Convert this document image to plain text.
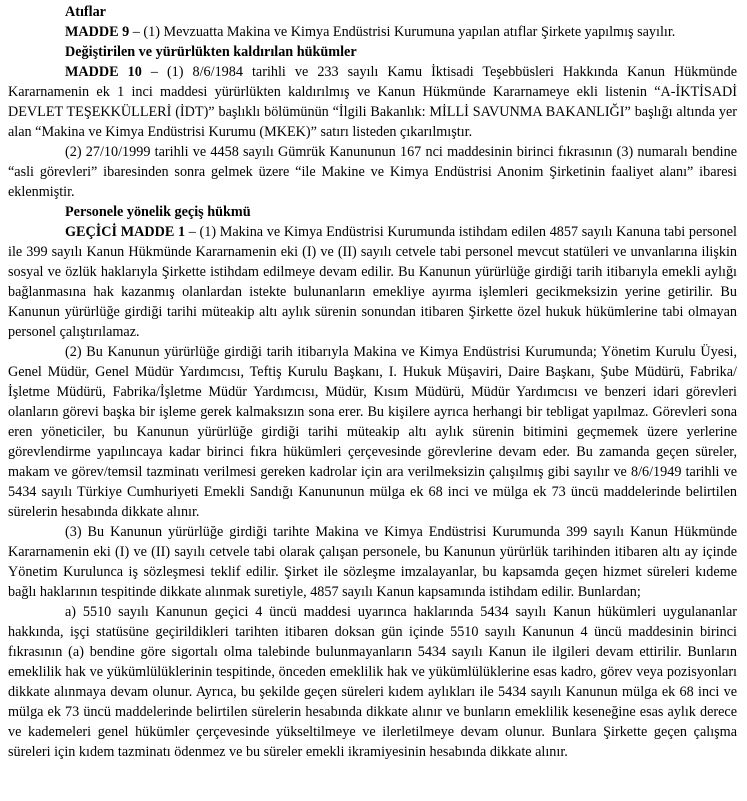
Atıflar

MADDE 9 – (1) Mevzuatta Makina ve Kimya Endüstrisi Kurumuna yapılan atıflar Şirkete yapılmış sayılır.

Değiştirilen ve yürürlükten kaldırılan hükümler

MADDE 10 – (1) 8/6/1984 tarihli ve 233 sayılı Kamu İktisadi Teşebbüsleri Hakkında Kanun Hükmünde Kararnamenin ek 1 inci maddesi yürürlükten kaldırılmış ve Kanun Hükmünde Kararnameye ekli listenin “A-İKTİSADİ DEVLET TEŞEKKÜLLERİ (İDT)” başlıklı bölümünün “İlgili Bakanlık: MİLLİ SAVUNMA BAKANLIĞI” başlığı altında yer alan “Makina ve Kimya Endüstrisi Kurumu (MKEK)” satırı listeden çıkarılmıştır.

(2) 27/10/1999 tarihli ve 4458 sayılı Gümrük Kanununun 167 nci maddesinin birinci fıkrasının (3) numaralı bendine “asli görevleri” ibaresinden sonra gelmek üzere “ile Makine ve Kimya Endüstrisi Anonim Şirketinin faaliyet alanı” ibaresi eklenmiştir.

Personele yönelik geçiş hükmü

GEÇİCİ MADDE 1 – (1) Makina ve Kimya Endüstrisi Kurumunda istihdam edilen 4857 sayılı Kanuna tabi personel ile 399 sayılı Kanun Hükmünde Kararnamenin eki (I) ve (II) sayılı cetvele tabi personel mevcut statüleri ve unvanlarına ilişkin sosyal ve özlük haklarıyla Şirkette istihdam edilmeye devam edilir. Bu Kanunun yürürlüğe girdiği tarih itibarıyla emekli aylığı bağlanmasına hak kazanmış olanlardan istekte bulunanların emekliye ayırma işlemleri gecikmeksizin yerine getirilir. Bu Kanunun yürürlüğe girdiği tarihi müteakip altı aylık sürenin sonundan itibaren Şirkette özel hukuk hükümlerine tabi olmayan personel çalıştırılamaz.

(2) Bu Kanunun yürürlüğe girdiği tarih itibarıyla Makina ve Kimya Endüstrisi Kurumunda; Yönetim Kurulu Üyesi, Genel Müdür, Genel Müdür Yardımcısı, Teftiş Kurulu Başkanı, I. Hukuk Müşaviri, Daire Başkanı, Şube Müdürü, Fabrika/İşletme Müdürü, Fabrika/İşletme Müdür Yardımcısı, Müdür, Kısım Müdürü, Müdür Yardımcısı ve benzeri idari görevleri olanların görevi başka bir işleme gerek kalmaksızın sona erer. Bu kişilere ayrıca herhangi bir tebligat yapılmaz. Görevleri sona eren yöneticiler, bu Kanunun yürürlüğe girdiği tarihi müteakip altı aylık sürenin bitimini geçmemek üzere yerlerine görevlendirme yapılıncaya kadar birinci fıkra hükümleri çerçevesinde görevlerine devam eder. Bu zamanda geçen süreler, makam ve görev/temsil tazminatı verilmesi gereken kadrolar için ara verilmeksizin çalışılmış gibi sayılır ve 8/6/1949 tarihli ve 5434 sayılı Türkiye Cumhuriyeti Emekli Sandığı Kanununun mülga ek 68 inci ve mülga ek 73 üncü maddelerinde belirtilen sürelerin hesabında dikkate alınır.

(3) Bu Kanunun yürürlüğe girdiği tarihte Makina ve Kimya Endüstrisi Kurumunda 399 sayılı Kanun Hükmünde Kararnamenin eki (I) ve (II) sayılı cetvele tabi olarak çalışan personele, bu Kanunun yürürlük tarihinden itibaren altı ay içinde Yönetim Kurulunca iş sözleşmesi teklif edilir. Şirket ile sözleşme imzalayanlar, bu kapsamda geçen hizmet süreleri kıdeme bağlı haklarının tespitinde dikkate alınmak suretiyle, 4857 sayılı Kanun kapsamında istihdam edilir. Bunlardan;

a) 5510 sayılı Kanunun geçici 4 üncü maddesi uyarınca haklarında 5434 sayılı Kanun hükümleri uygulananlar hakkında, işçi statüsüne geçirildikleri tarihten itibaren doksan gün içinde 5510 sayılı Kanunun 4 üncü maddesinin birinci fıkrasının (a) bendine göre sigortalı olma talebinde bulunmayanların 5434 sayılı Kanun ile ilgileri devam ettirilir. Bunların emeklilik hak ve yükümlülüklerinin tespitinde, önceden emeklilik hak ve yükümlülüklerine esas kadro, görev veya pozisyonları dikkate alınmaya devam olunur. Ayrıca, bu şekilde geçen süreleri kıdem aylıkları ile 5434 sayılı Kanunun mülga ek 68 inci ve mülga ek 73 üncü maddelerinde belirtilen sürelerin hesabında dikkate alınır ve bunların emeklilik keseneğine esas aylık derece ve kademeleri genel hükümler çerçevesinde yükseltilmeye ve ilerletilmeye devam olunur. Bunlara Şirkette geçen çalışma süreleri için kıdem tazminatı ödenmez ve bu süreler emekli ikramiyesinin hesabında dikkate alınır.
